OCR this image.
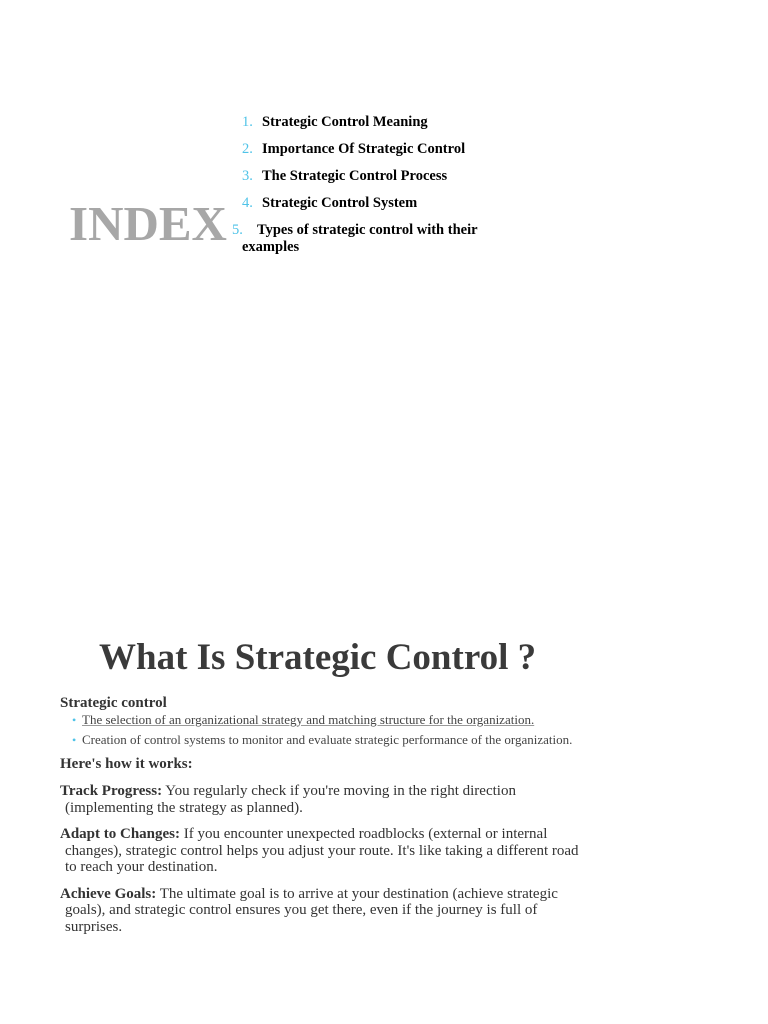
INDEX
1. Strategic Control Meaning
2. Importance Of Strategic Control
3. The Strategic Control Process
4. Strategic Control System
5. Types of strategic control with their examples
What Is Strategic Control ?
Strategic control
• The selection of an organizational strategy and matching structure for the organization.
• Creation of control systems to monitor and evaluate strategic performance of the organization.
Here's how it works:

Track Progress: You regularly check if you're moving in the right direction (implementing the strategy as planned).

Adapt to Changes: If you encounter unexpected roadblocks (external or internal changes), strategic control helps you adjust your route. It's like taking a different road to reach your destination.

Achieve Goals: The ultimate goal is to arrive at your destination (achieve strategic goals), and strategic control ensures you get there, even if the journey is full of surprises.
